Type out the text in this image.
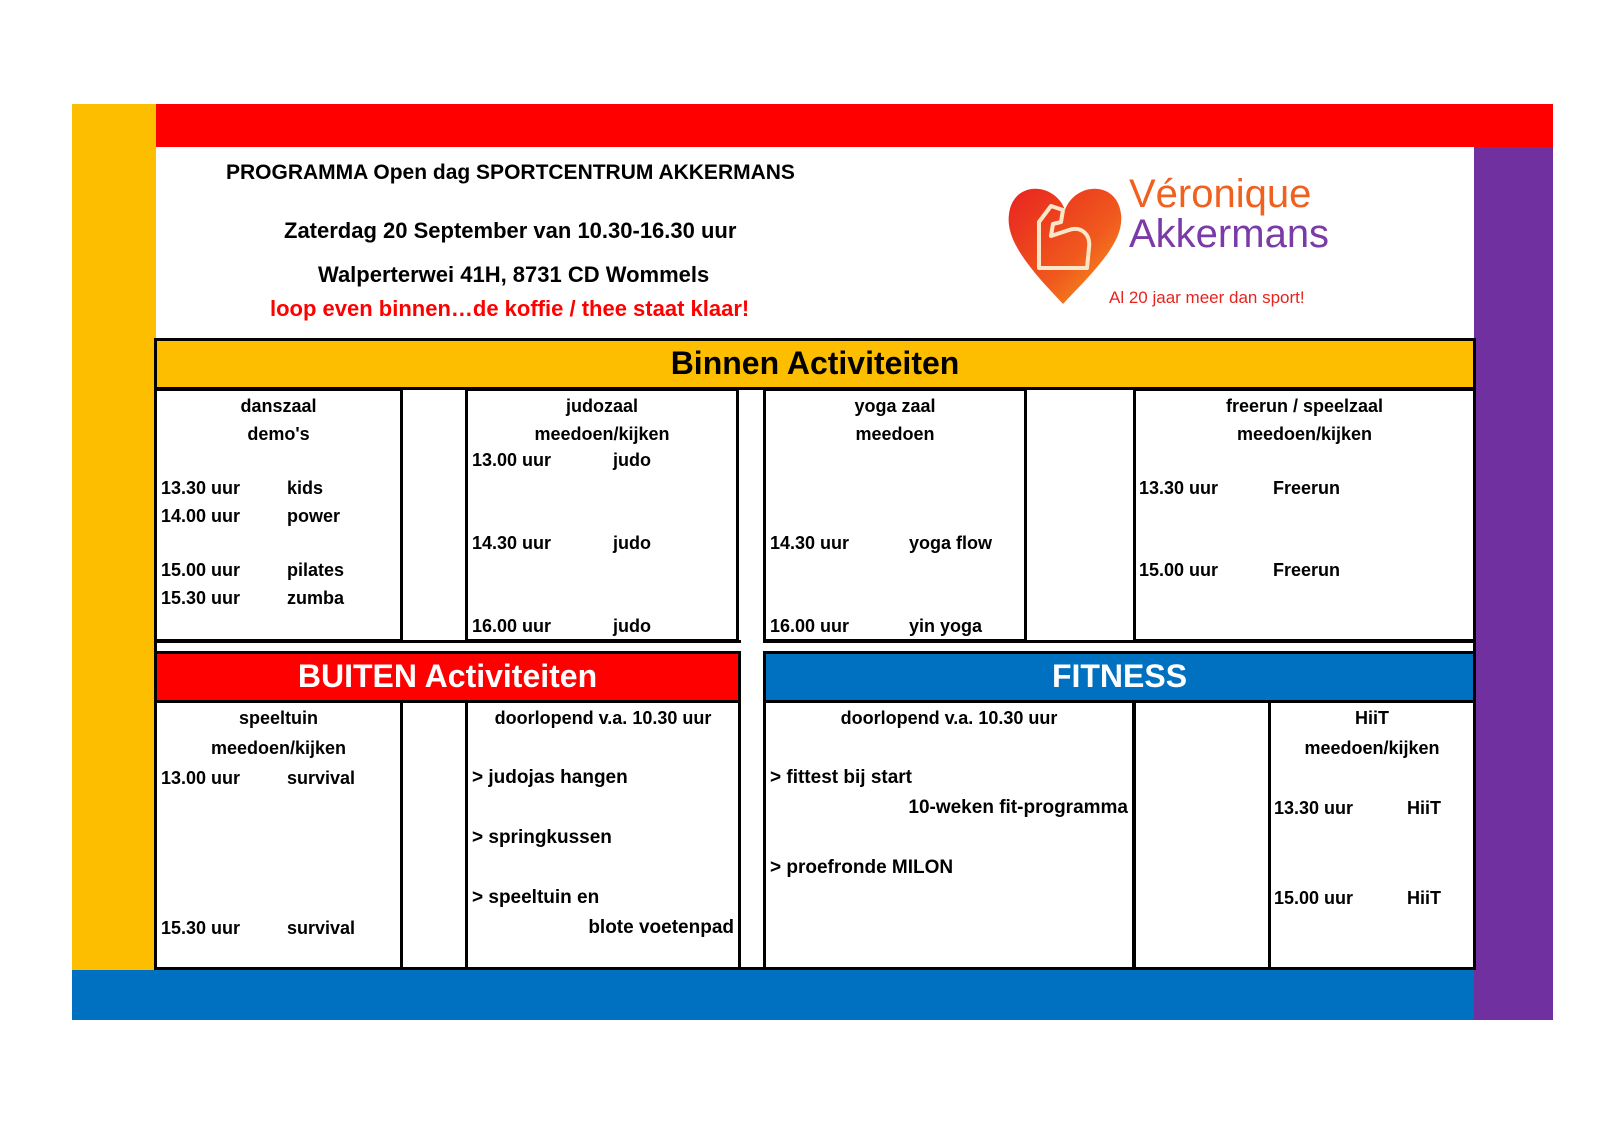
PROGRAMMA Open dag SPORTCENTRUM AKKERMANS
Zaterdag 20 September van 10.30-16.30 uur
Walperterwei 41H, 8731 CD Wommels
loop even binnen…de koffie / thee staat klaar!
Véronique
Akkermans
Al 20 jaar meer dan sport!
Binnen Activiteiten
danszaal
demo's
13.30 uur	kids
14.00 uur	power
15.00 uur	pilates
15.30 uur	zumba
judozaal
meedoen/kijken
13.00 uur	judo
14.30 uur	judo
16.00 uur	judo
yoga zaal
meedoen
14.30 uur	yoga flow
16.00 uur	yin yoga
freerun / speelzaal
meedoen/kijken
13.30 uur	Freerun
15.00 uur	Freerun
BUITEN Activiteiten	FITNESS
speeltuin
meedoen/kijken
13.00 uur	survival
15.30 uur	survival
doorlopend v.a. 10.30 uur
> judojas hangen
> springkussen
> speeltuin en
blote voetenpad
doorlopend v.a. 10.30 uur
> fittest bij start
10-weken fit-programma
> proefronde MILON
HiiT
meedoen/kijken
13.30 uur	HiiT
15.00 uur	HiiT
